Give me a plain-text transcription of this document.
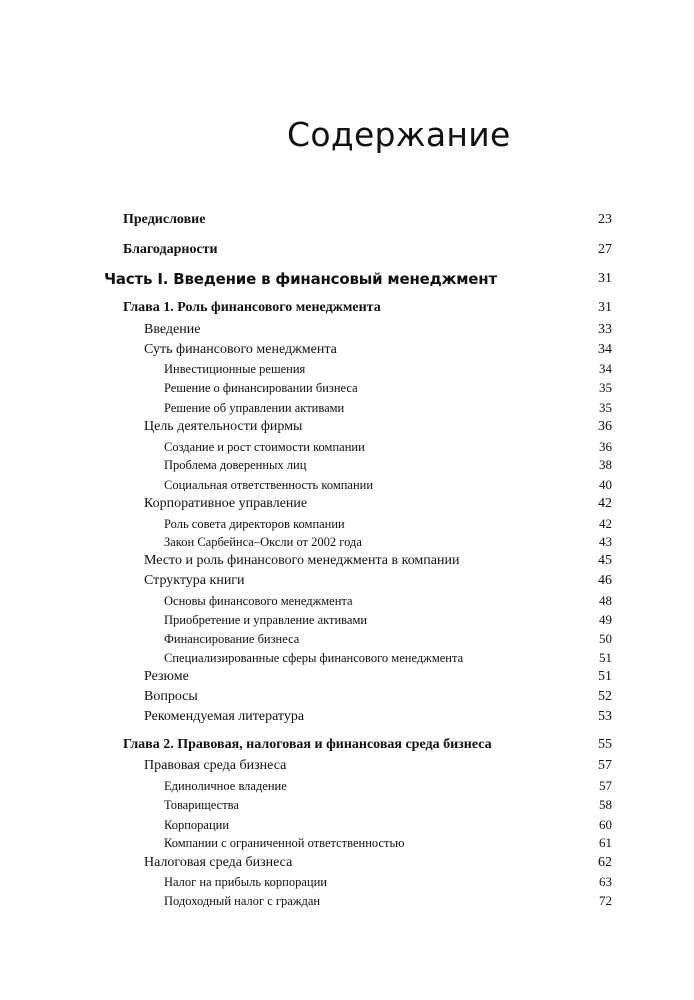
Содержание
Предисловие	23
Благодарности	27
Часть I. Введение в финансовый менеджмент	31
Глава 1. Роль финансового менеджмента	31
Введение	33
Суть финансового менеджмента	34
Инвестиционные решения	34
Решение о финансировании бизнеса	35
Решение об управлении активами	35
Цель деятельности фирмы	36
Создание и рост стоимости компании	36
Проблема доверенных лиц	38
Социальная ответственность компании	40
Корпоративное управление	42
Роль совета директоров компании	42
Закон Сарбейнса–Оксли от 2002 года	43
Место и роль финансового менеджмента в компании	45
Структура книги	46
Основы финансового менеджмента	48
Приобретение и управление активами	49
Финансирование бизнеса	50
Специализированные сферы финансового менеджмента	51
Резюме	51
Вопросы	52
Рекомендуемая литература	53
Глава 2. Правовая, налоговая и финансовая среда бизнеса	55
Правовая среда бизнеса	57
Единоличное владение	57
Товарищества	58
Корпорации	60
Компании с ограниченной ответственностью	61
Налоговая среда бизнеса	62
Налог на прибыль корпорации	63
Подоходный налог с граждан	72
